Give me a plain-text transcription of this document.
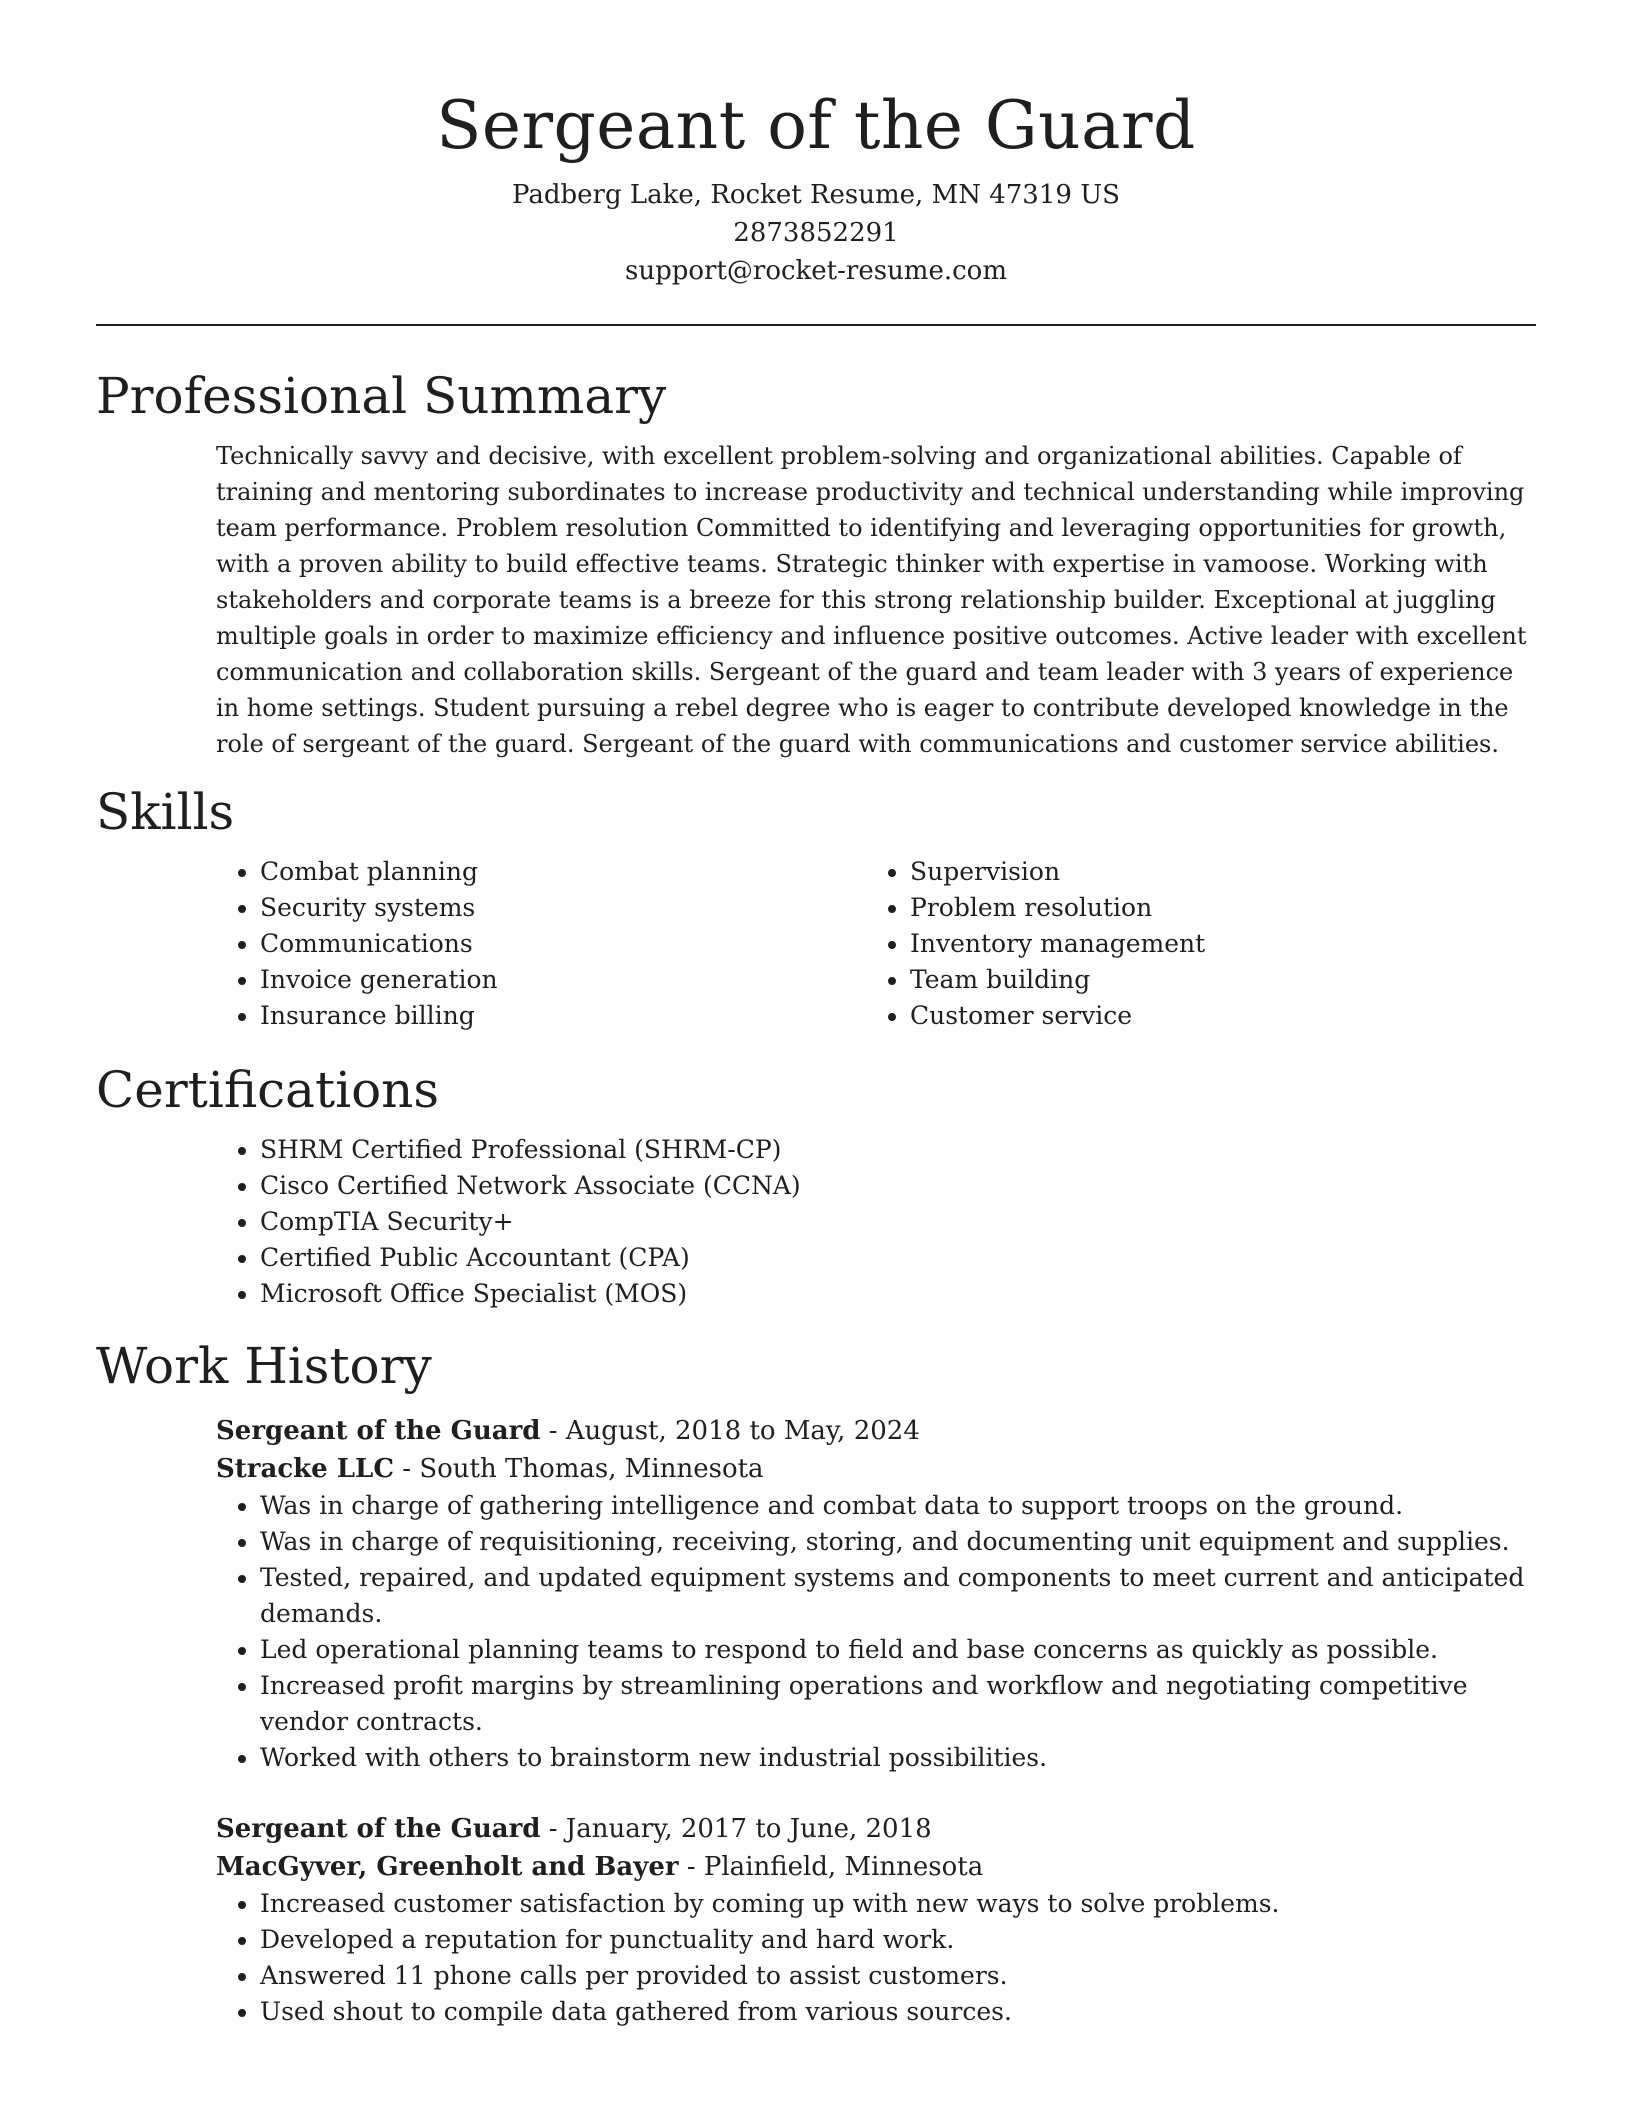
Sergeant of the Guard

Padberg Lake, Rocket Resume, MN 47319 US

2873852291

support@rocket-resume.com

Professional Summary

Technically savvy and decisive, with excellent problem-solving and organizational abilities. Capable of training and mentoring subordinates to increase productivity and technical understanding while improving team performance. Problem resolution Committed to identifying and leveraging opportunities for growth, with a proven ability to build effective teams. Strategic thinker with expertise in vamoose. Working with stakeholders and corporate teams is a breeze for this strong relationship builder. Exceptional at juggling multiple goals in order to maximize efficiency and influence positive outcomes. Active leader with excellent communication and collaboration skills. Sergeant of the guard and team leader with 3 years of experience in home settings. Student pursuing a rebel degree who is eager to contribute developed knowledge in the role of sergeant of the guard. Sergeant of the guard with communications and customer service abilities.

Skills
• Combat planning
• Security systems
• Communications
• Invoice generation
• Insurance billing
• Supervision
• Problem resolution
• Inventory management
• Team building
• Customer service
Certifications
• SHRM Certified Professional (SHRM-CP)
• Cisco Certified Network Associate (CCNA)
• CompTIA Security+
• Certified Public Accountant (CPA)
• Microsoft Office Specialist (MOS)
Work History
Sergeant of the Guard - August, 2018 to May, 2024
Stracke LLC - South Thomas, Minnesota
• Was in charge of gathering intelligence and combat data to support troops on the ground.
• Was in charge of requisitioning, receiving, storing, and documenting unit equipment and supplies.
• Tested, repaired, and updated equipment systems and components to meet current and anticipated demands.
• Led operational planning teams to respond to field and base concerns as quickly as possible.
• Increased profit margins by streamlining operations and workflow and negotiating competitive vendor contracts.
• Worked with others to brainstorm new industrial possibilities.
Sergeant of the Guard - January, 2017 to June, 2018
MacGyver, Greenholt and Bayer - Plainfield, Minnesota
• Increased customer satisfaction by coming up with new ways to solve problems.
• Developed a reputation for punctuality and hard work.
• Answered 11 phone calls per provided to assist customers.
• Used shout to compile data gathered from various sources.
